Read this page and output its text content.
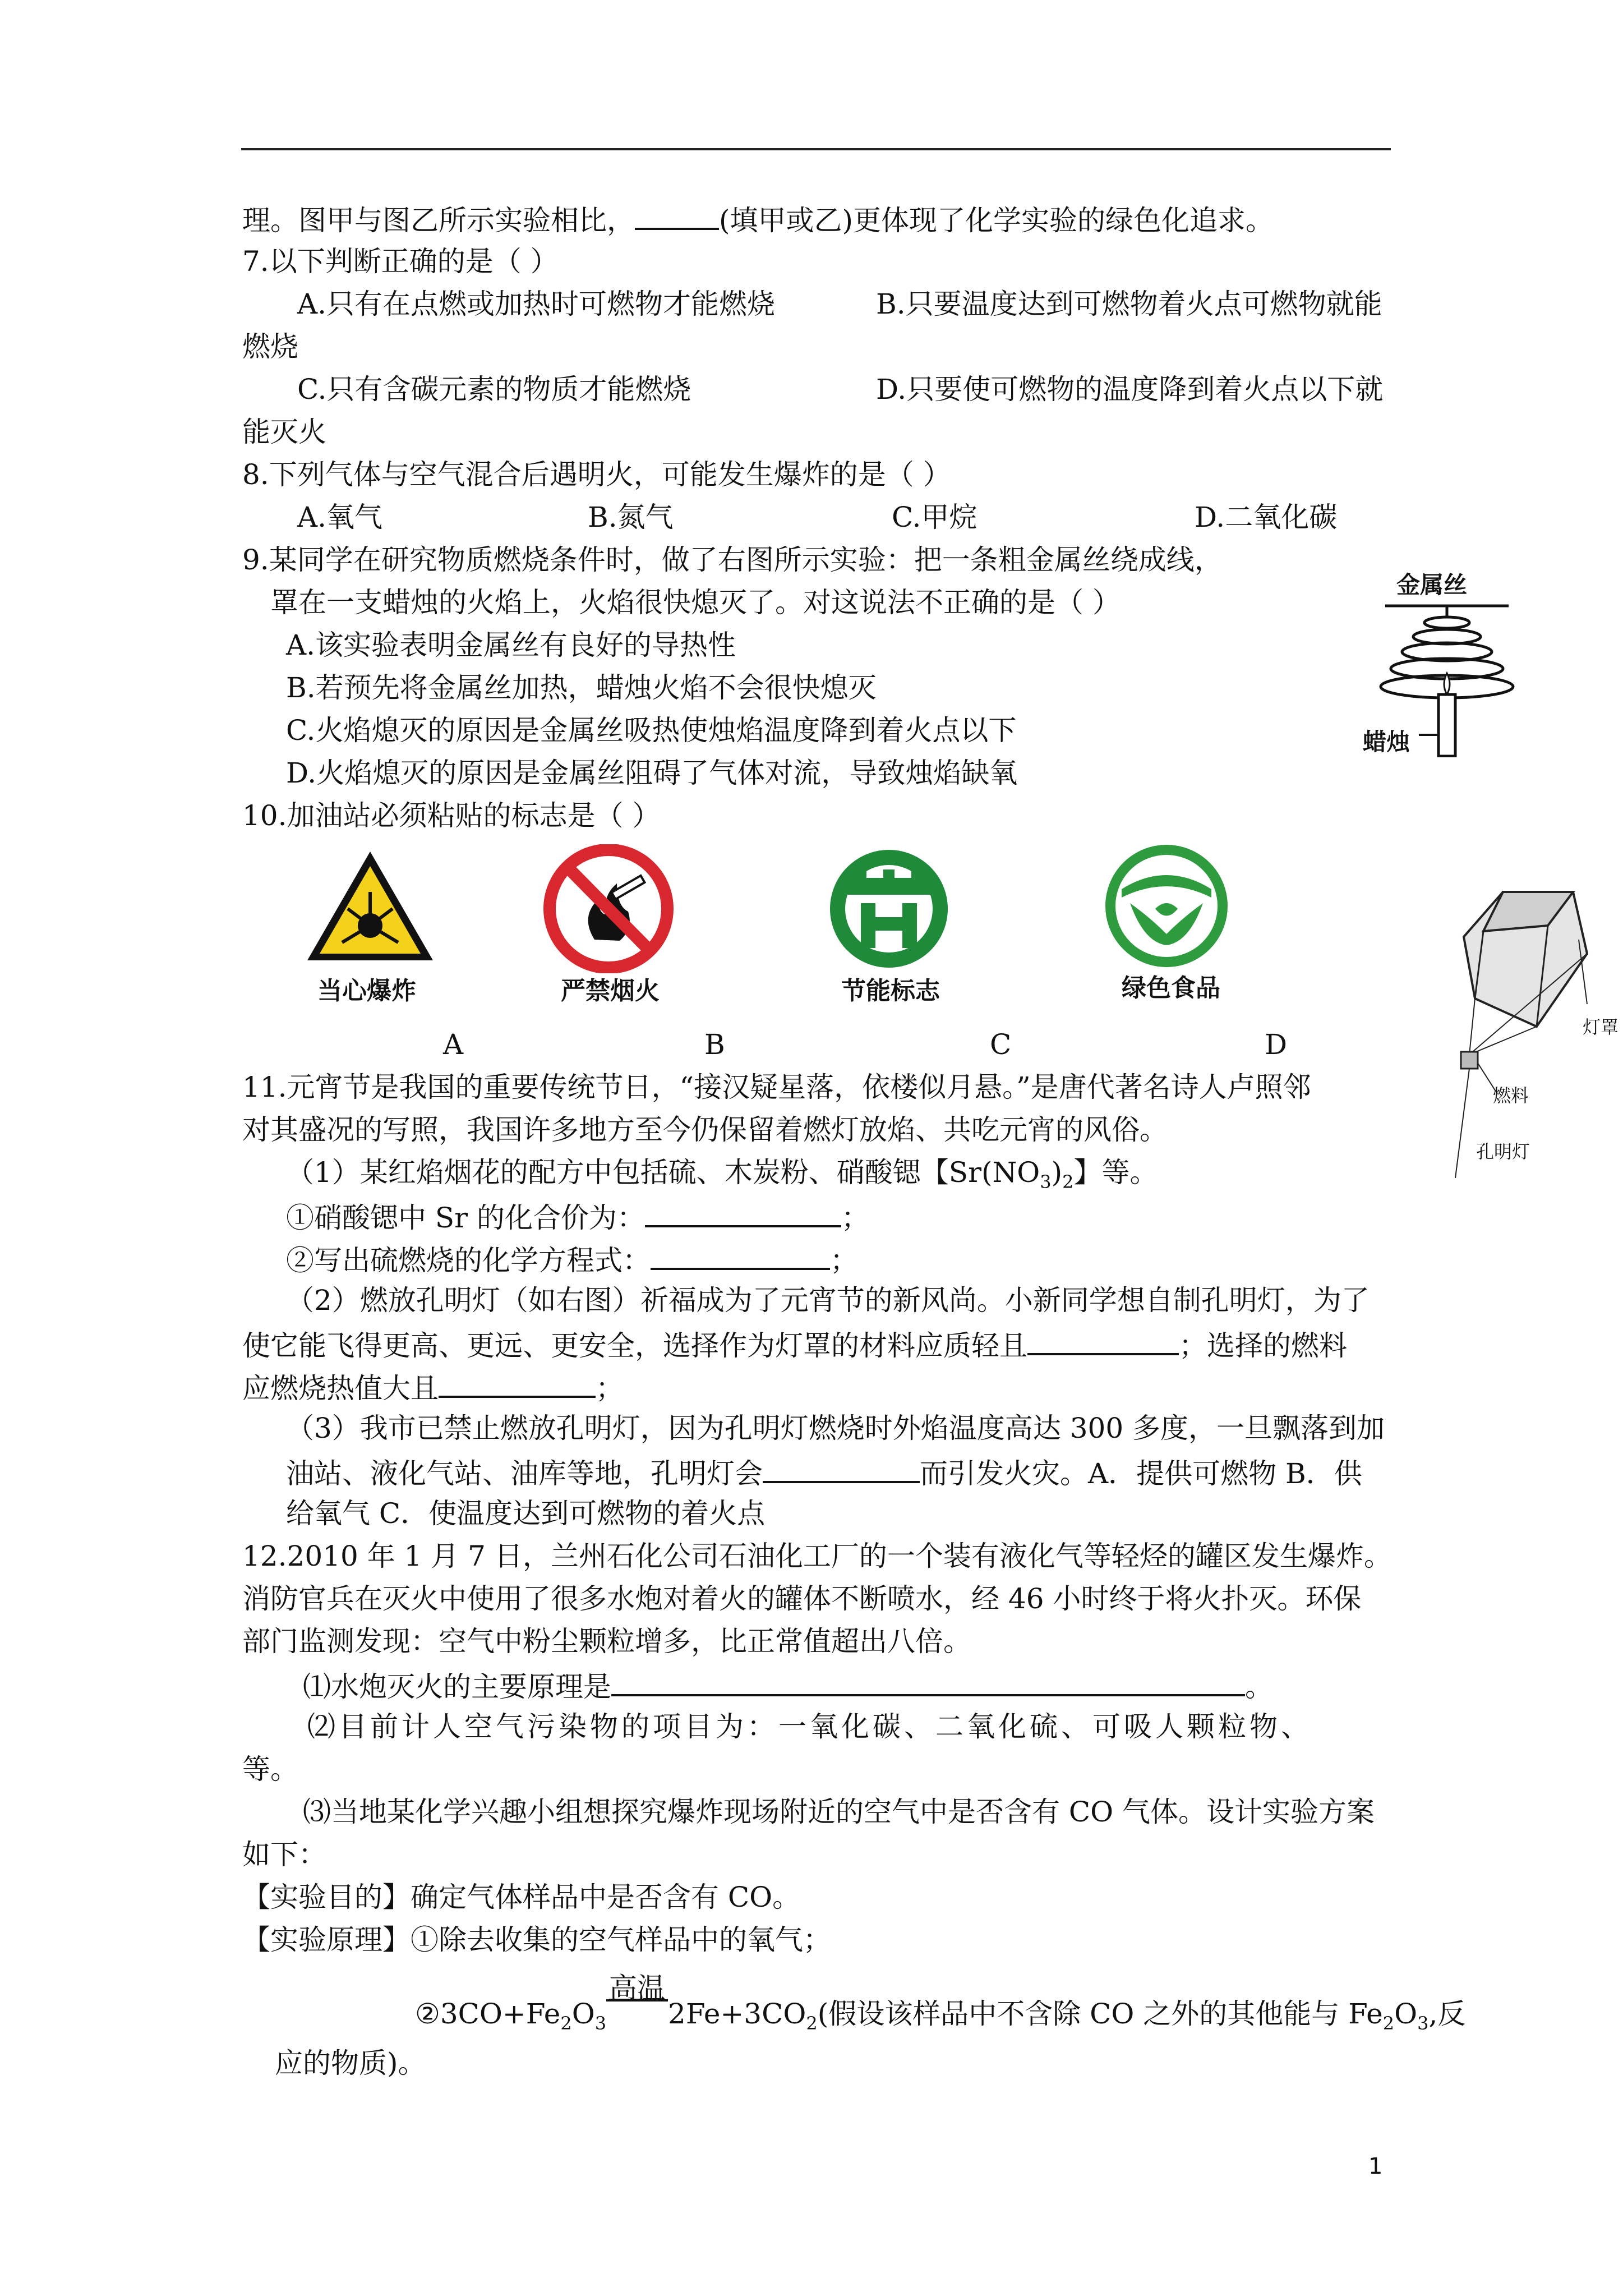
理。图甲与图乙所示实验相比，	(填甲或乙)更体现了化学实验的绿色化追求。
7.以下判断正确的是（ ）
A.只有在点燃或加热时可燃物才能燃烧	B.只要温度达到可燃物着火点可燃物就能
燃烧
C.只有含碳元素的物质才能燃烧	D.只要使可燃物的温度降到着火点以下就
能灭火
8.下列气体与空气混合后遇明火，可能发生爆炸的是（ ）
A.氧气	B.氮气	C.甲烷	D.二氧化碳
9.某同学在研究物质燃烧条件时，做了右图所示实验：把一条粗金属丝绕成线，
罩在一支蜡烛的火焰上，火焰很快熄灭了。对这说法不正确的是（ ）
A.该实验表明金属丝有良好的导热性
B.若预先将金属丝加热，蜡烛火焰不会很快熄灭
C.火焰熄灭的原因是金属丝吸热使烛焰温度降到着火点以下
D.火焰熄灭的原因是金属丝阻碍了气体对流，导致烛焰缺氧
金属丝
蜡烛
10.加油站必须粘贴的标志是（ ）
当心爆炸	严禁烟火	节能标志	绿色食品
A	B	C	D
灯罩
燃料
孔明灯
11.元宵节是我国的重要传统节日，“接汉疑星落，依楼似月悬。”是唐代著名诗人卢照邻
对其盛况的写照，我国许多地方至今仍保留着燃灯放焰、共吃元宵的风俗。
（1）某红焰烟花的配方中包括硫、木炭粉、硝酸锶【$Sr(NO_3)_2$】等。
①硝酸锶中 Sr 的化合价为：	；
②写出硫燃烧的化学方程式：	；
（2）燃放孔明灯（如右图）祈福成为了元宵节的新风尚。小新同学想自制孔明灯，为了
使它能飞得更高、更远、更安全，选择作为灯罩的材料应质轻且	；选择的燃料
应燃烧热值大且	；
（3）我市已禁止燃放孔明灯，因为孔明灯燃烧时外焰温度高达 300 多度，一旦飘落到加
油站、液化气站、油库等地，孔明灯会	而引发火灾。A．提供可燃物 B．供
给氧气 C．使温度达到可燃物的着火点
12.2010 年 1 月 7 日，兰州石化公司石油化工厂的一个装有液化气等轻烃的罐区发生爆炸。
消防官兵在灭火中使用了很多水炮对着火的罐体不断喷水，经 46 小时终于将火扑灭。环保
部门监测发现：空气中粉尘颗粒增多，比正常值超出八倍。
⑴水炮灭火的主要原理是	。
⑵目前计人空气污染物的项目为：一氧化碳、二氧化硫、可吸人颗粒物、
等。
⑶当地某化学兴趣小组想探究爆炸现场附近的空气中是否含有 CO 气体。设计实验方案
如下：
【实验目的】确定气体样品中是否含有 CO。
【实验原理】①除去收集的空气样品中的氧气；
$②3CO+Fe_2O_3$
高温
$2Fe+3CO_2$(假设该样品中不含除 CO 之外的其他能与 $Fe_2O_3$,反
应的物质)。
1
